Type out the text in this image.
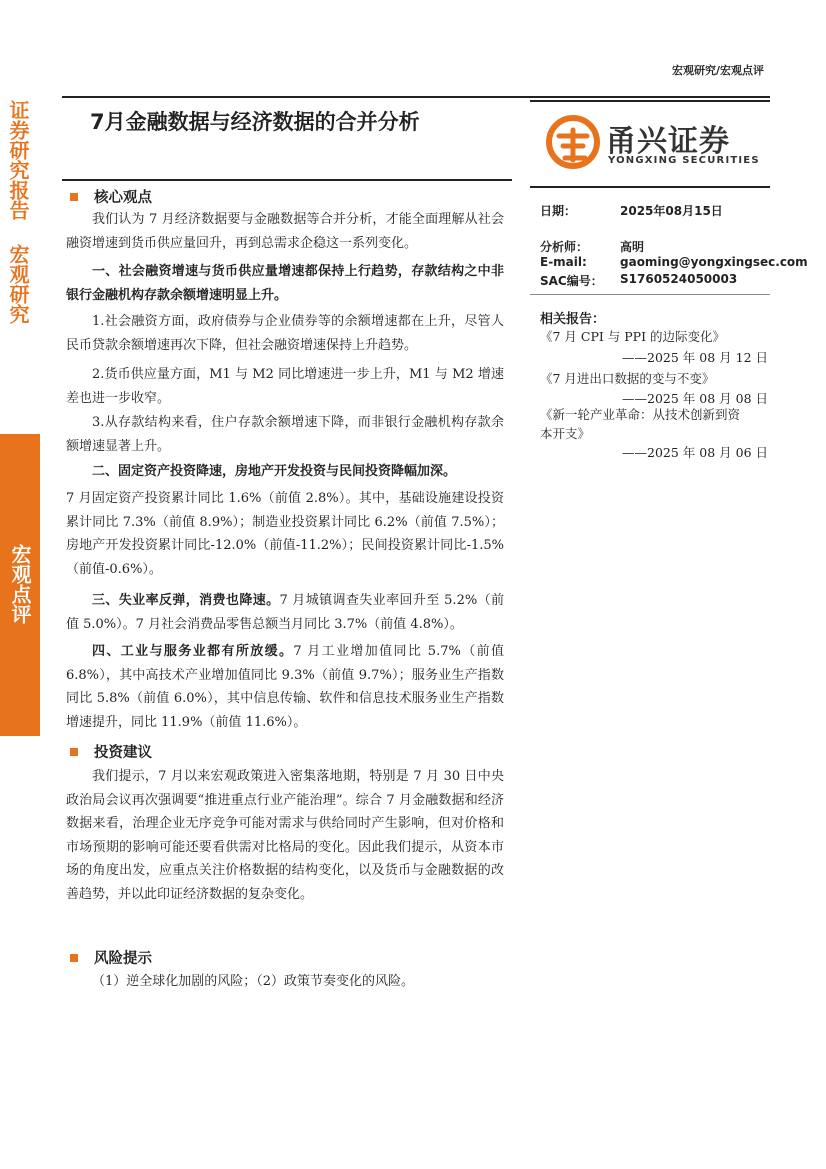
宏观研究/宏观点评
证券研究报告 宏观研究
宏观点评
7月金融数据与经济数据的合并分析
甬兴证券
YONGXING SECURITIES
日期：	2025年08月15日
分析师：	高明
E-mail:	gaoming@yongxingsec.com
SAC编号： S1760524050003
相关报告：
《7 月 CPI 与 PPI 的边际变化》
——2025 年 08 月 12 日
《7 月进出口数据的变与不变》
——2025 年 08 月 08 日
《新一轮产业革命：从技术创新到资
本开支》
——2025 年 08 月 06 日
核心观点
我们认为 7 月经济数据要与金融数据等合并分析，才能全面理解从社会融资增速到货币供应量回升，再到总需求企稳这一系列变化。
一、社会融资增速与货币供应量增速都保持上行趋势，存款结构之中非银行金融机构存款余额增速明显上升。
1.社会融资方面，政府债券与企业债券等的余额增速都在上升，尽管人民币贷款余额增速再次下降，但社会融资增速保持上升趋势。
2.货币供应量方面，M1 与 M2 同比增速进一步上升，M1 与 M2 增速差也进一步收窄。
3.从存款结构来看，住户存款余额增速下降，而非银行金融机构存款余额增速显著上升。
二、固定资产投资降速，房地产开发投资与民间投资降幅加深。
7 月固定资产投资累计同比 1.6%（前值 2.8%）。其中，基础设施建设投资累计同比 7.3%（前值 8.9%）；制造业投资累计同比 6.2%（前值 7.5%）；房地产开发投资累计同比-12.0%（前值-11.2%）；民间投资累计同比-1.5%（前值-0.6%）。
三、失业率反弹，消费也降速。7 月城镇调查失业率回升至 5.2%（前值 5.0%）。7 月社会消费品零售总额当月同比 3.7%（前值 4.8%）。
四、工业与服务业都有所放缓。7 月工业增加值同比 5.7%（前值 6.8%），其中高技术产业增加值同比 9.3%（前值 9.7%）；服务业生产指数同比 5.8%（前值 6.0%），其中信息传输、软件和信息技术服务业生产指数增速提升，同比 11.9%（前值 11.6%）。
投资建议
我们提示，7 月以来宏观政策进入密集落地期，特别是 7 月 30 日中央政治局会议再次强调要“推进重点行业产能治理”。综合 7 月金融数据和经济数据来看，治理企业无序竞争可能对需求与供给同时产生影响，但对价格和市场预期的影响可能还要看供需对比格局的变化。因此我们提示，从资本市场的角度出发，应重点关注价格数据的结构变化，以及货币与金融数据的改善趋势，并以此印证经济数据的复杂变化。
风险提示
（1）逆全球化加剧的风险；（2）政策节奏变化的风险。
